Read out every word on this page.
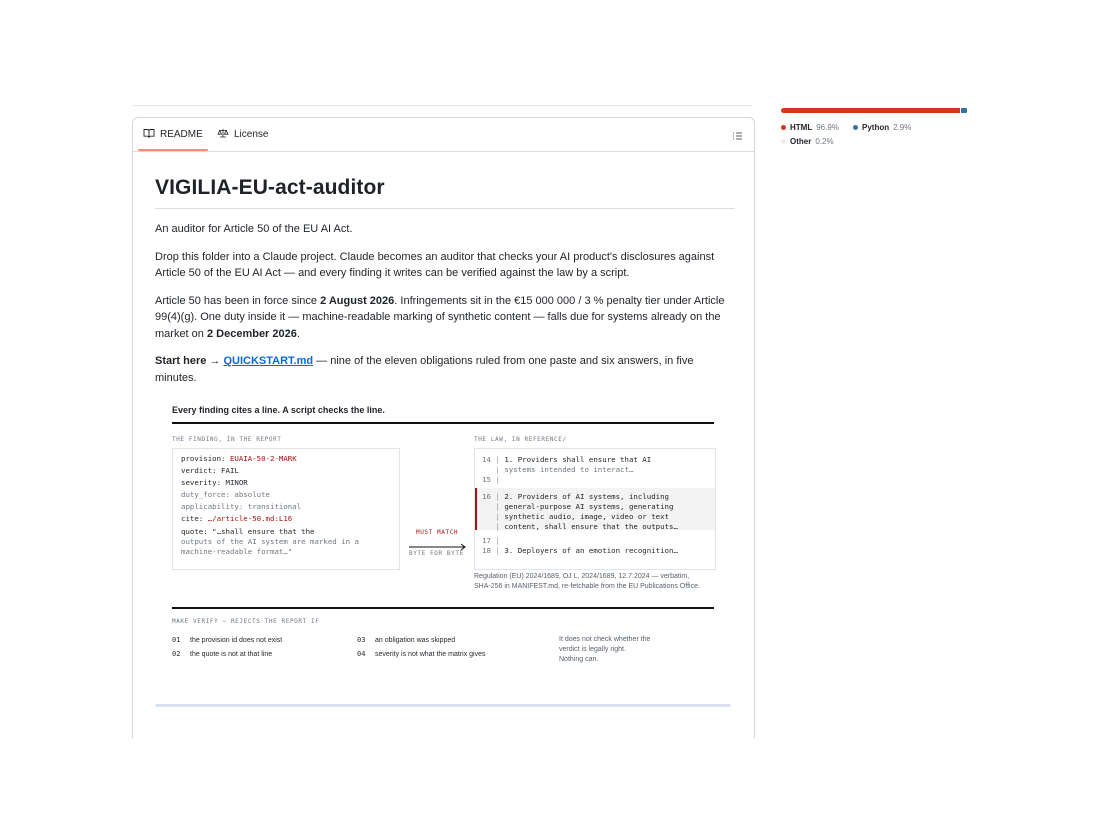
README	License
VIGILIA-EU-act-auditor

An auditor for Article 50 of the EU AI Act.

Drop this folder into a Claude project. Claude becomes an auditor that checks your AI product's disclosures against Article 50 of the EU AI Act — and every finding it writes can be verified against the law by a script.

Article 50 has been in force since 2 August 2026. Infringements sit in the €15 000 000 / 3 % penalty tier under Article 99(4)(g). One duty inside it — machine-readable marking of synthetic content — falls due for systems already on the market on 2 December 2026.

Start here → QUICKSTART.md — nine of the eleven obligations ruled from one paste and six answers, in five minutes.

Every finding cites a line. A script checks the line.
THE FINDING, IN THE REPORT	THE LAW, IN REFERENCE/
provision: EUAIA-50-2-MARK
verdict: FAIL
severity: MINOR
duty_force: absolute
applicability: transitional
cite: …/article-50.md:L16
quote: "…shall ensure that the
outputs of the AI system are marked in a
machine-readable format…"
MUST MATCH
BYTE FOR BYTE
14 | 1. Providers shall ensure that AI
| systems intended to interact…
15 |
16 | 2. Providers of AI systems, including
| general-purpose AI systems, generating
| synthetic audio, image, video or text
| content, shall ensure that the outputs…
17 |
18 | 3. Deployers of an emotion recognition…
Regulation (EU) 2024/1689, OJ L, 2024/1689, 12.7.2024 — verbatim,
SHA-256 in MANIFEST.md, re-fetchable from the EU Publications Office.
MAKE VERIFY — REJECTS THE REPORT IF
01 the provision id does not exist
02 the quote is not at that line
03 an obligation was skipped
04 severity is not what the matrix gives
It does not check whether the
verdict is legally right.
Nothing can.
HTML 96.9%	Python 2.9%
Other 0.2%
